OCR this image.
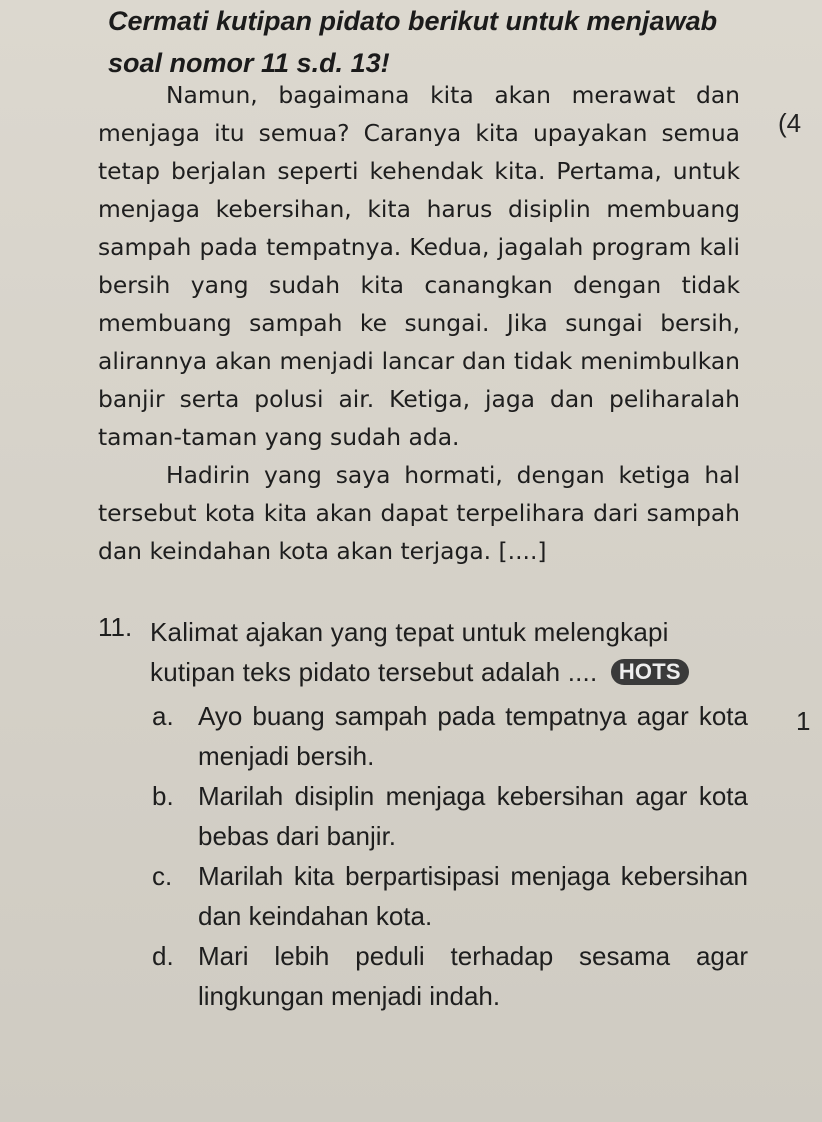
Cermati kutipan pidato berikut untuk menjawab soal nomor 11 s.d. 13!
(4
1

Namun, bagaimana kita akan merawat dan menjaga itu semua? Caranya kita upayakan semua tetap berjalan seperti kehendak kita. Pertama, untuk menjaga kebersihan, kita harus disiplin membuang sampah pada tempatnya. Kedua, jagalah program kali bersih yang sudah kita canangkan dengan tidak membuang sampah ke sungai. Jika sungai bersih, alirannya akan menjadi lancar dan tidak menimbulkan banjir serta polusi air. Ketiga, jaga dan peliharalah taman-taman yang sudah ada.

Hadirin yang saya hormati, dengan ketiga hal tersebut kota kita akan dapat terpelihara dari sampah dan keindahan kota akan terjaga. [....]

11. Kalimat ajakan yang tepat untuk melengkapi kutipan teks pidato tersebut adalah .... HOTS
a. Ayo buang sampah pada tempatnya agar kota menjadi bersih.
b. Marilah disiplin menjaga kebersihan agar kota bebas dari banjir.
c. Marilah kita berpartisipasi menjaga kebersihan dan keindahan kota.
d. Mari lebih peduli terhadap sesama agar lingkungan menjadi indah.
